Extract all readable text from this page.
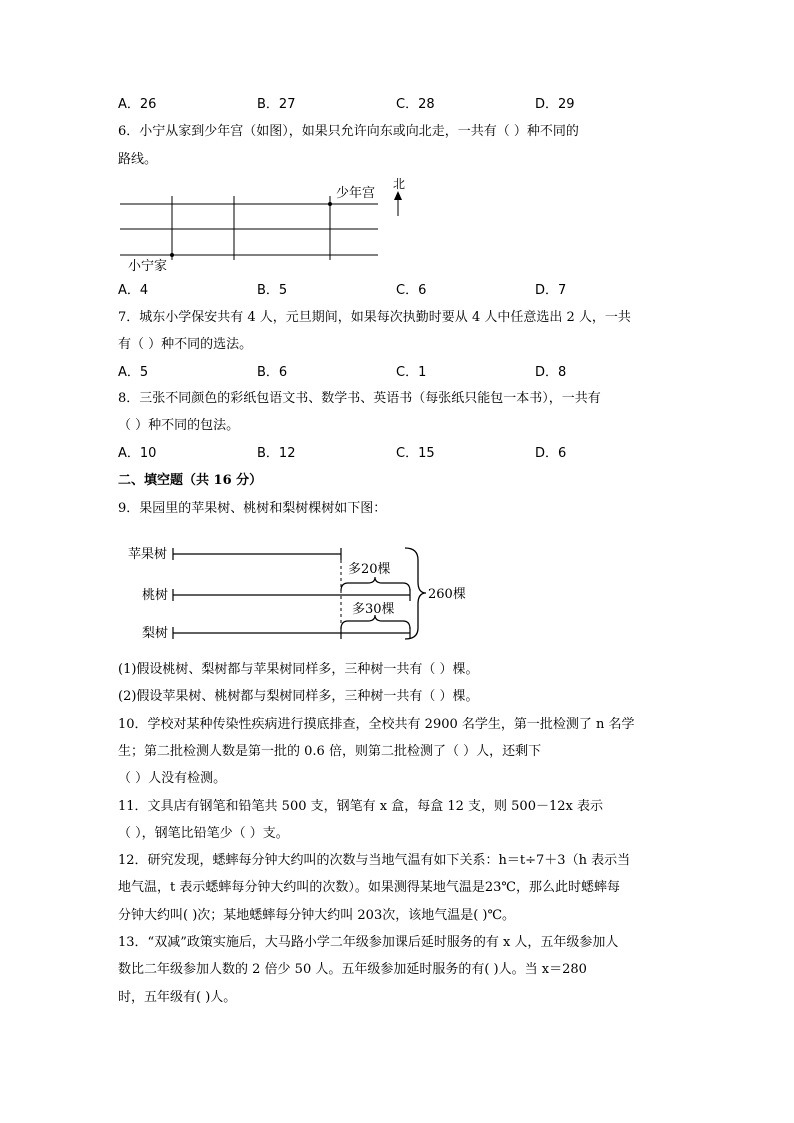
A．26	B．27	C．28	D．29
6．小宁从家到少年宫（如图），如果只允许向东或向北走，一共有（ ）种不同的
路线。
少年宫
小宁家
北
A．4	B．5	C．6	D．7
7．城东小学保安共有 4 人，元旦期间，如果每次执勤时要从 4 人中任意选出 2 人，一共
有（ ）种不同的选法。
A．5	B．6	C．1	D．8
8．三张不同颜色的彩纸包语文书、数学书、英语书（每张纸只能包一本书），一共有
（ ）种不同的包法。
A．10	B．12	C．15	D．6
二、填空题（共 16 分）
9．果园里的苹果树、桃树和梨树棵树如下图：
苹果树
桃树
梨树
多20棵
多30棵
260棵
(1)假设桃树、梨树都与苹果树同样多，三种树一共有（ ）棵。
(2)假设苹果树、桃树都与梨树同样多，三种树一共有（ ）棵。
10．学校对某种传染性疾病进行摸底排查，全校共有 2900 名学生，第一批检测了 n 名学
生；第二批检测人数是第一批的 0.6 倍，则第二批检测了（ ）人，还剩下
（ ）人没有检测。
11．文具店有钢笔和铅笔共 500 支，钢笔有 x 盒，每盒 12 支，则 500－12x 表示
（ ），钢笔比铅笔少（ ）支。
12．研究发现，蟋蟀每分钟大约叫的次数与当地气温有如下关系：h＝t÷7＋3（h 表示当
地气温，t 表示蟋蟀每分钟大约叫的次数）。如果测得某地气温是23℃，那么此时蟋蟀每
分钟大约叫( )次；某地蟋蟀每分钟大约叫 203次，该地气温是( )℃。
13．“双减”政策实施后，大马路小学二年级参加课后延时服务的有 x 人，五年级参加人
数比二年级参加人数的 2 倍少 50 人。五年级参加延时服务的有( )人。当 x＝280
时，五年级有( )人。
